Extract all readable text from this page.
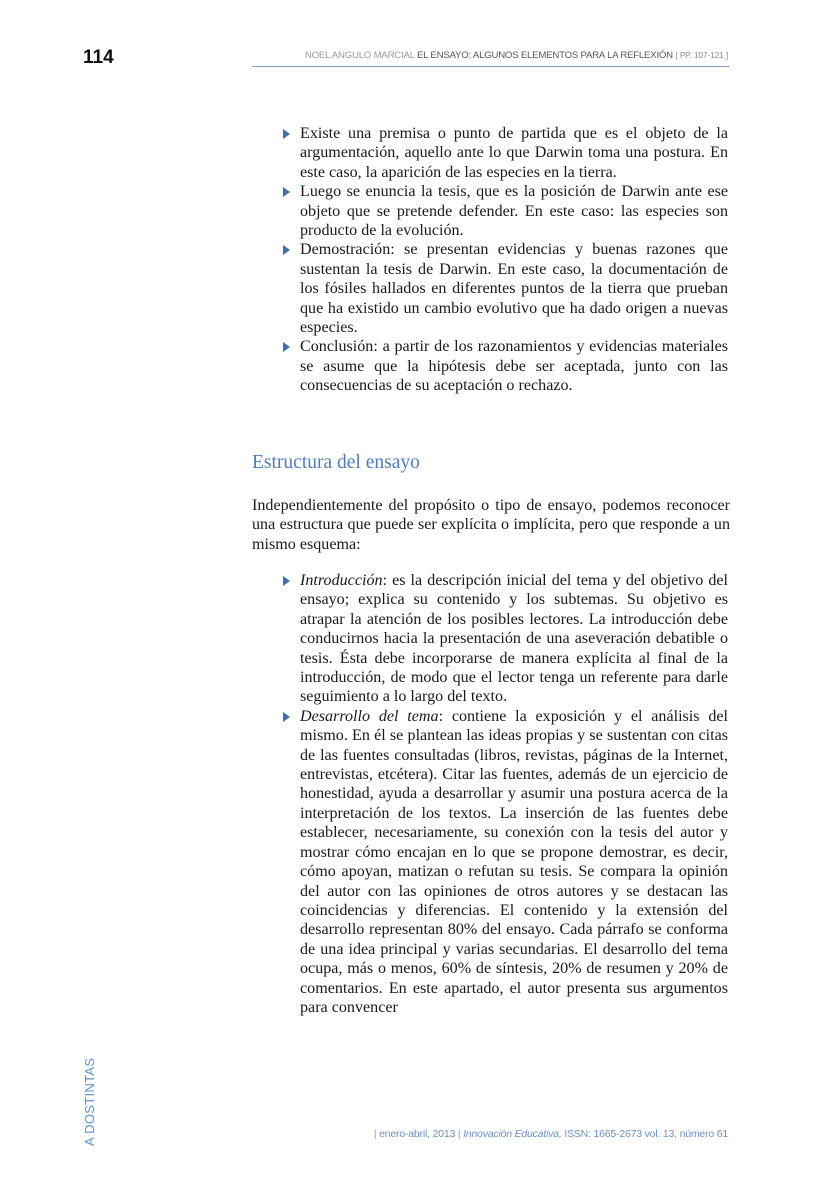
114	NOEL ANGULO MARCIAL EL ENSAYO: ALGUNOS ELEMENTOS PARA LA REFLEXIÓN [ PP. 107-121 ]
Existe una premisa o punto de partida que es el objeto de la argumentación, aquello ante lo que Darwin toma una postura. En este caso, la aparición de las especies en la tierra.
Luego se enuncia la tesis, que es la posición de Darwin ante ese objeto que se pretende defender. En este caso: las especies son producto de la evolución.
Demostración: se presentan evidencias y buenas razones que sustentan la tesis de Darwin. En este caso, la documentación de los fósiles hallados en diferentes puntos de la tierra que prueban que ha existido un cambio evolutivo que ha dado origen a nuevas especies.
Conclusión: a partir de los razonamientos y evidencias materiales se asume que la hipótesis debe ser aceptada, junto con las consecuencias de su aceptación o rechazo.
Estructura del ensayo

Independientemente del propósito o tipo de ensayo, podemos reconocer una estructura que puede ser explícita o implícita, pero que responde a un mismo esquema:

Introducción: es la descripción inicial del tema y del objetivo del ensayo; explica su contenido y los subtemas. Su objetivo es atrapar la atención de los posibles lectores. La introducción debe conducirnos hacia la presentación de una aseveración debatible o tesis. Ésta debe incorporarse de manera explícita al final de la introducción, de modo que el lector tenga un referente para darle seguimiento a lo largo del texto.
Desarrollo del tema: contiene la exposición y el análisis del mismo. En él se plantean las ideas propias y se sustentan con citas de las fuentes consultadas (libros, revistas, páginas de la Internet, entrevistas, etcétera). Citar las fuentes, además de un ejercicio de honestidad, ayuda a desarrollar y asumir una postura acerca de la interpretación de los textos. La inserción de las fuentes debe establecer, necesariamente, su conexión con la tesis del autor y mostrar cómo encajan en lo que se propone demostrar, es decir, cómo apoyan, matizan o refutan su tesis. Se compara la opinión del autor con las opiniones de otros autores y se destacan las coincidencias y diferencias. El contenido y la extensión del desarrollo representan 80% del ensayo. Cada párrafo se conforma de una idea principal y varias secundarias. El desarrollo del tema ocupa, más o menos, 60% de síntesis, 20% de resumen y 20% de comentarios. En este apartado, el autor presenta sus argumentos para convencer
A DOSTINTAS	| enero-abril, 2013 | Innovación Educativa, ISSN: 1665-2673 vol. 13, número 61
